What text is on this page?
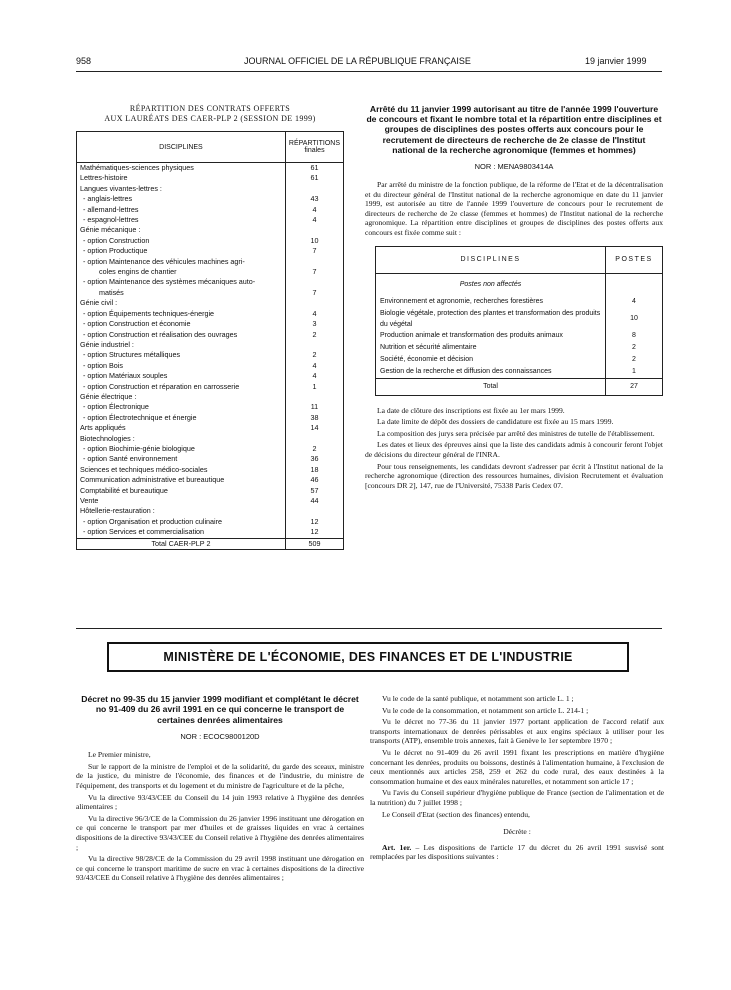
958	JOURNAL OFFICIEL DE LA RÉPUBLIQUE FRANÇAISE	19 janvier 1999
RÉPARTITION DES CONTRATS OFFERTS
AUX LAURÉATS DES CAER-PLP 2 (SESSION DE 1999)
DISCIPLINES	RÉPARTITIONS finales
Mathématiques-sciences physiques	61
Lettres-histoire	61
Langues vivantes-lettres :	
- anglais-lettres	43
- allemand-lettres	4
- espagnol-lettres	4
Génie mécanique :	
- option Construction	10
- option Productique	7
- option Maintenance des véhicules machines agri-	
coles engins de chantier	7
- option Maintenance des systèmes mécaniques auto-	
matisés	7
Génie civil :	
- option Équipements techniques-énergie	4
- option Construction et économie	3
- option Construction et réalisation des ouvrages	2
Génie industriel :	
- option Structures métalliques	2
- option Bois	4
- option Matériaux souples	4
- option Construction et réparation en carrosserie	1
Génie électrique :	
- option Électronique	11
- option Électrotechnique et énergie	38
Arts appliqués	14
Biotechnologies :	
- option Biochimie-génie biologique	2
- option Santé environnement	36
Sciences et techniques médico-sociales	18
Communication administrative et bureautique	46
Comptabilité et bureautique	57
Vente	44
Hôtellerie-restauration :	
- option Organisation et production culinaire	12
- option Services et commercialisation	12
Total CAER-PLP 2	509
Arrêté du 11 janvier 1999 autorisant au titre de l'année 1999 l'ouverture de concours et fixant le nombre total et la répartition entre disciplines et groupes de disciplines des postes offerts aux concours pour le recrutement de directeurs de recherche de 2e classe de l'Institut national de la recherche agronomique (femmes et hommes)
NOR : MENA9803414A

Par arrêté du ministre de la fonction publique, de la réforme de l'Etat et de la décentralisation et du directeur général de l'Institut national de la recherche agronomique en date du 11 janvier 1999, est autorisée au titre de l'année 1999 l'ouverture de concours pour le recrutement de directeurs de recherche de 2e classe (femmes et hommes) de l'Institut national de la recherche agronomique. La répartition entre disciplines et groupes de disciplines des postes offerts aux concours est fixée comme suit :

DISCIPLINES	POSTES
Postes non affectés	
Environnement et agronomie, recherches forestières	4
Biologie végétale, protection des plantes et transformation des produits du végétal	10
Production animale et transformation des produits animaux	8
Nutrition et sécurité alimentaire	2
Société, économie et décision	2
Gestion de la recherche et diffusion des connaissances	1
Total	27

La date de clôture des inscriptions est fixée au 1er mars 1999.

La date limite de dépôt des dossiers de candidature est fixée au 15 mars 1999.

La composition des jurys sera précisée par arrêté des ministres de tutelle de l'établissement.

Les dates et lieux des épreuves ainsi que la liste des candidats admis à concourir feront l'objet de décisions du directeur général de l'INRA.

Pour tous renseignements, les candidats devront s'adresser par écrit à l'Institut national de la recherche agronomique (direction des ressources humaines, division Recrutement et évaluation [concours DR 2], 147, rue de l'Université, 75338 Paris Cedex 07.

MINISTÈRE DE L'ÉCONOMIE, DES FINANCES ET DE L'INDUSTRIE
Décret no 99-35 du 15 janvier 1999 modifiant et complétant le décret no 91-409 du 26 avril 1991 en ce qui concerne le transport de certaines denrées alimentaires
NOR : ECOC9800120D

Le Premier ministre,

Sur le rapport de la ministre de l'emploi et de la solidarité, du garde des sceaux, ministre de la justice, du ministre de l'économie, des finances et de l'industrie, du ministre de l'équipement, des transports et du logement et du ministre de l'agriculture et de la pêche,

Vu la directive 93/43/CEE du Conseil du 14 juin 1993 relative à l'hygiène des denrées alimentaires ;

Vu la directive 96/3/CE de la Commission du 26 janvier 1996 instituant une dérogation en ce qui concerne le transport par mer d'huiles et de graisses liquides en vrac à certaines dispositions de la directive 93/43/CEE du Conseil relative à l'hygiène des denrées alimentaires ;

Vu la directive 98/28/CE de la Commission du 29 avril 1998 instituant une dérogation en ce qui concerne le transport maritime de sucre en vrac à certaines dispositions de la directive 93/43/CEE du Conseil relative à l'hygiène des denrées alimentaires ;

Vu le code de la santé publique, et notamment son article L. 1 ;

Vu le code de la consommation, et notamment son article L. 214-1 ;

Vu le décret no 77-36 du 11 janvier 1977 portant application de l'accord relatif aux transports internationaux de denrées périssables et aux engins spéciaux à utiliser pour les transports (ATP), ensemble trois annexes, fait à Genève le 1er septembre 1970 ;

Vu le décret no 91-409 du 26 avril 1991 fixant les prescriptions en matière d'hygiène concernant les denrées, produits ou boissons, destinés à l'alimentation humaine, à l'exclusion de ceux mentionnés aux articles 258, 259 et 262 du code rural, des eaux destinées à la consommation humaine et des eaux minérales naturelles, et notamment son article 17 ;

Vu l'avis du Conseil supérieur d'hygiène publique de France (section de l'alimentation et de la nutrition) du 7 juillet 1998 ;

Le Conseil d'Etat (section des finances) entendu,

Décrète :

Art. 1er. – Les dispositions de l'article 17 du décret du 26 avril 1991 susvisé sont remplacées par les dispositions suivantes :
